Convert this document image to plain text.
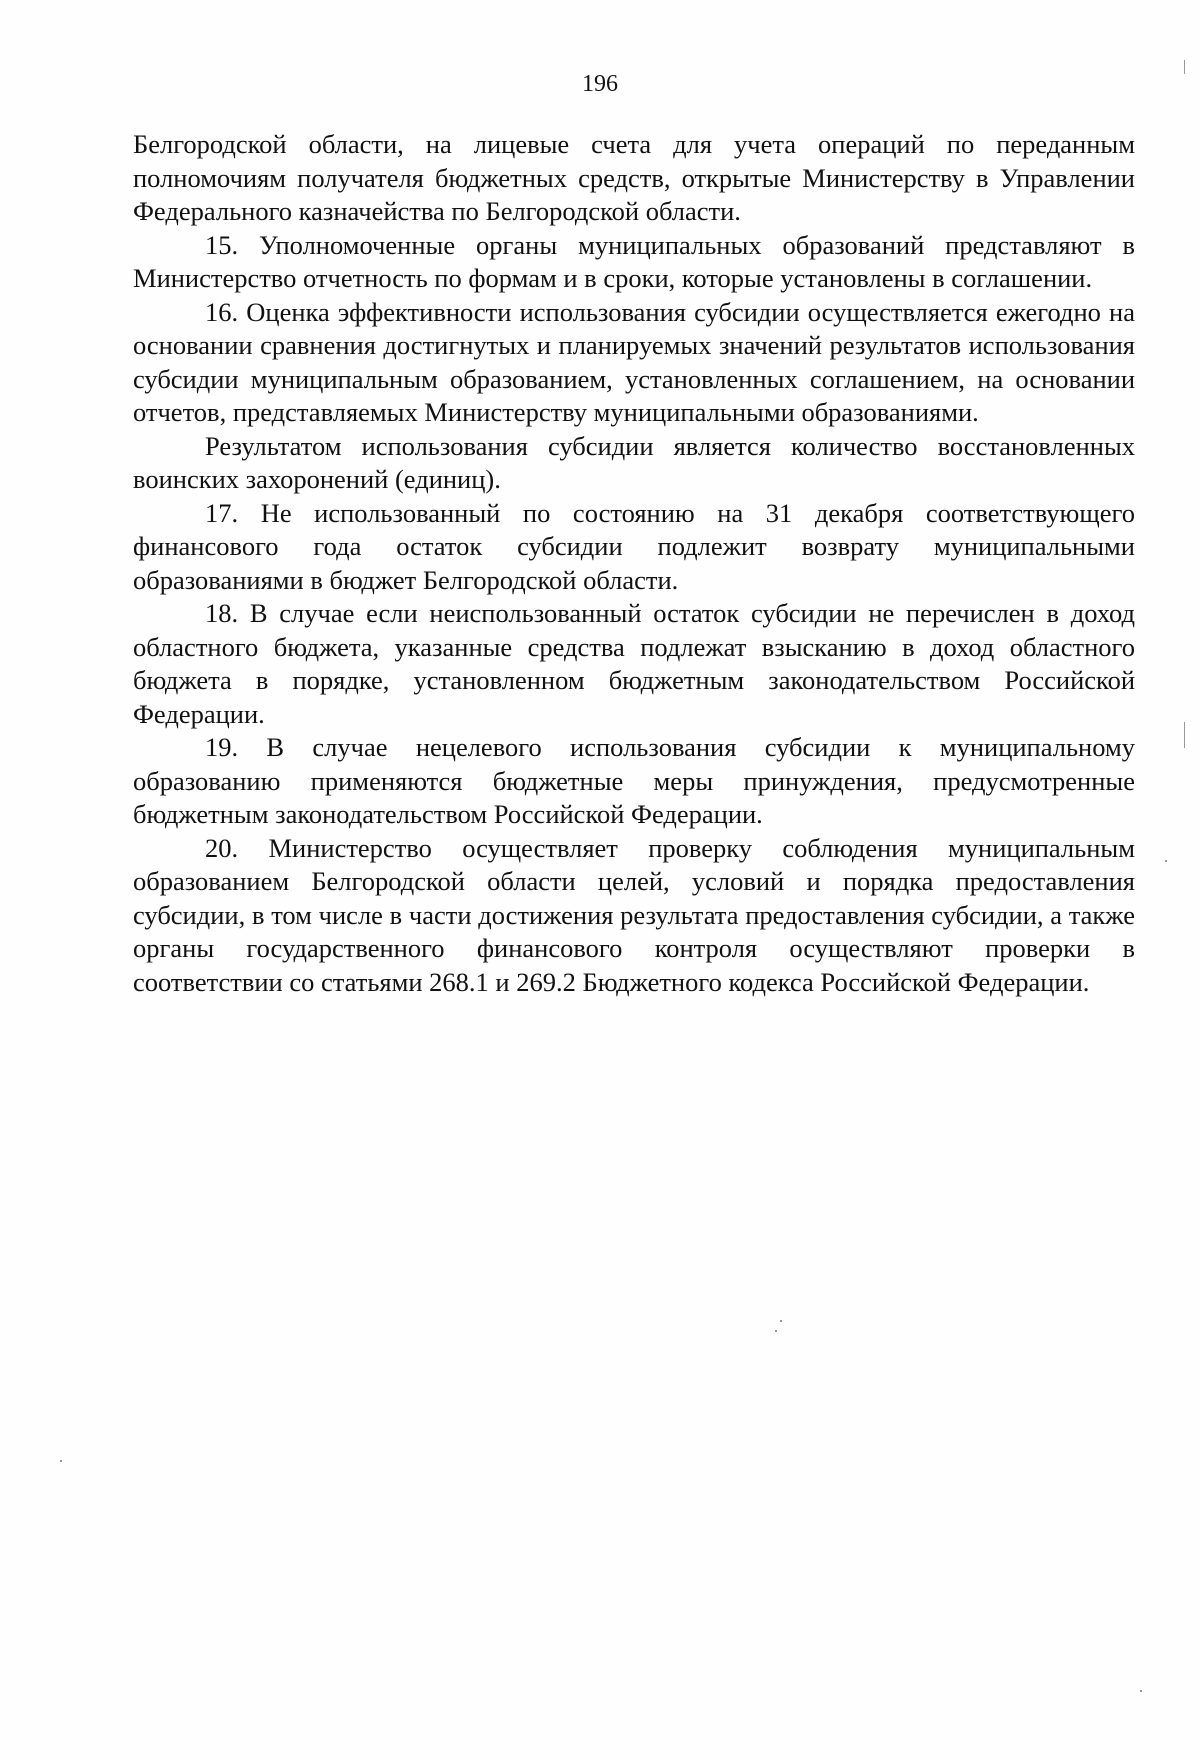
196

Белгородской области, на лицевые счета для учета операций по переданным полномочиям получателя бюджетных средств, открытые Министерству в Управлении Федерального казначейства по Белгородской области.

15. Уполномоченные органы муниципальных образований представляют в Министерство отчетность по формам и в сроки, которые установлены в соглашении.

16. Оценка эффективности использования субсидии осуществляется ежегодно на основании сравнения достигнутых и планируемых значений результатов использования субсидии муниципальным образованием, установленных соглашением, на основании отчетов, представляемых Министерству муниципальными образованиями.

Результатом использования субсидии является количество восстановленных воинских захоронений (единиц).

17. Не использованный по состоянию на 31 декабря соответствующего финансового года остаток субсидии подлежит возврату муниципальными образованиями в бюджет Белгородской области.

18. В случае если неиспользованный остаток субсидии не перечислен в доход областного бюджета, указанные средства подлежат взысканию в доход областного бюджета в порядке, установленном бюджетным законодательством Российской Федерации.

19. В случае нецелевого использования субсидии к муниципальному образованию применяются бюджетные меры принуждения, предусмотренные бюджетным законодательством Российской Федерации.

20. Министерство осуществляет проверку соблюдения муниципальным образованием Белгородской области целей, условий и порядка предоставления субсидии, в том числе в части достижения результата предоставления субсидии, а также органы государственного финансового контроля осуществляют проверки в соответствии со статьями 268.1 и 269.2 Бюджетного кодекса Российской Федерации.
